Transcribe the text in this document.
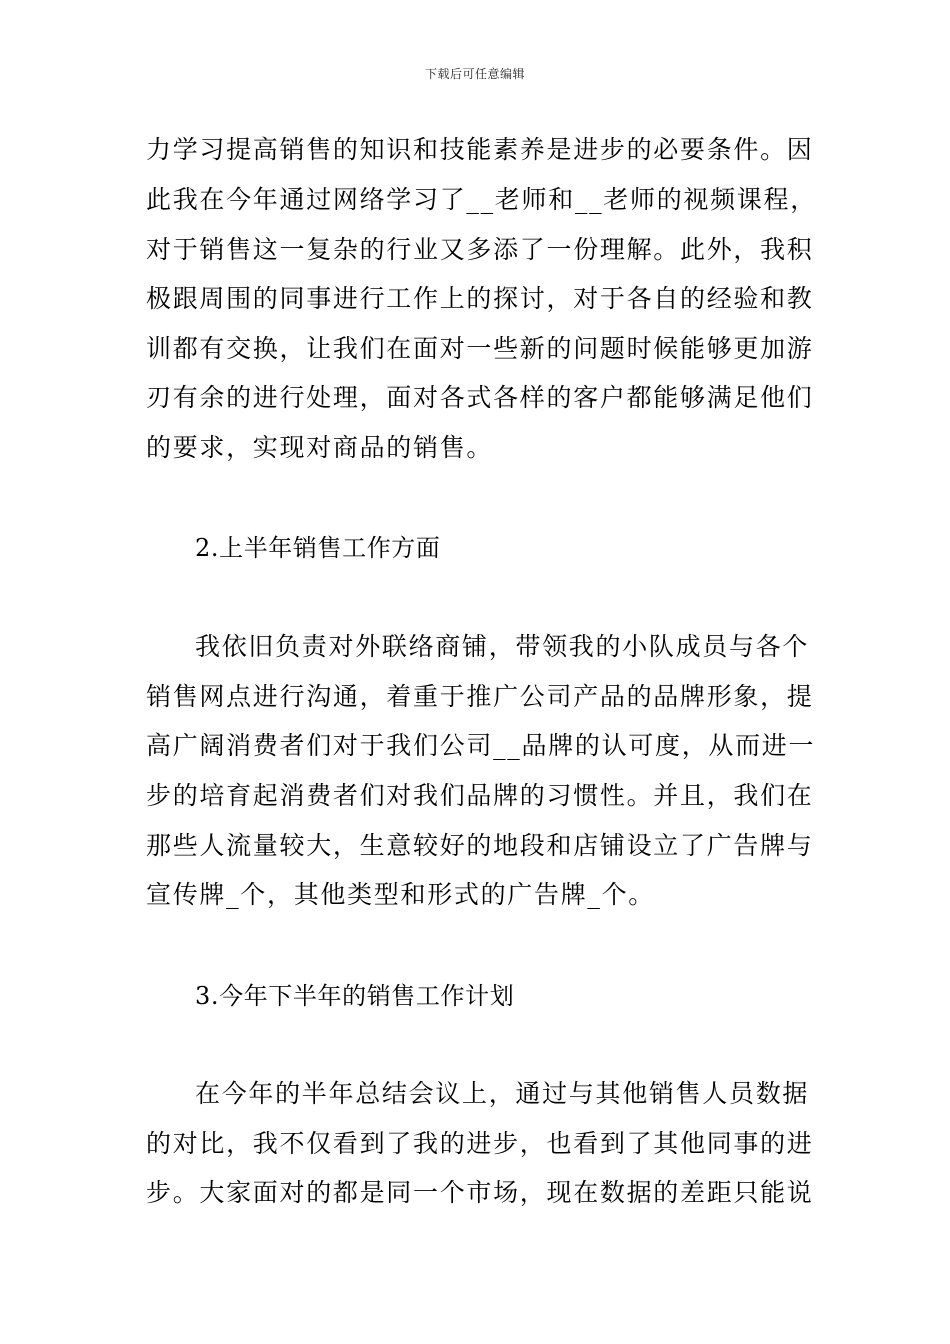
下载后可任意编辑
力学习提高销售的知识和技能素养是进步的必要条件。因
此我在今年通过网络学习了__老师和__老师的视频课程，
对于销售这一复杂的行业又多添了一份理解。此外，我积
极跟周围的同事进行工作上的探讨，对于各自的经验和教
训都有交换，让我们在面对一些新的问题时候能够更加游
刃有余的进行处理，面对各式各样的客户都能够满足他们
的要求，实现对商品的销售。
2.上半年销售工作方面
我依旧负责对外联络商铺，带领我的小队成员与各个
销售网点进行沟通，着重于推广公司产品的品牌形象，提
高广阔消费者们对于我们公司__品牌的认可度，从而进一
步的培育起消费者们对我们品牌的习惯性。并且，我们在
那些人流量较大，生意较好的地段和店铺设立了广告牌与
宣传牌_个，其他类型和形式的广告牌_个。
3.今年下半年的销售工作计划
在今年的半年总结会议上，通过与其他销售人员数据
的对比，我不仅看到了我的进步，也看到了其他同事的进
步。大家面对的都是同一个市场，现在数据的差距只能说
